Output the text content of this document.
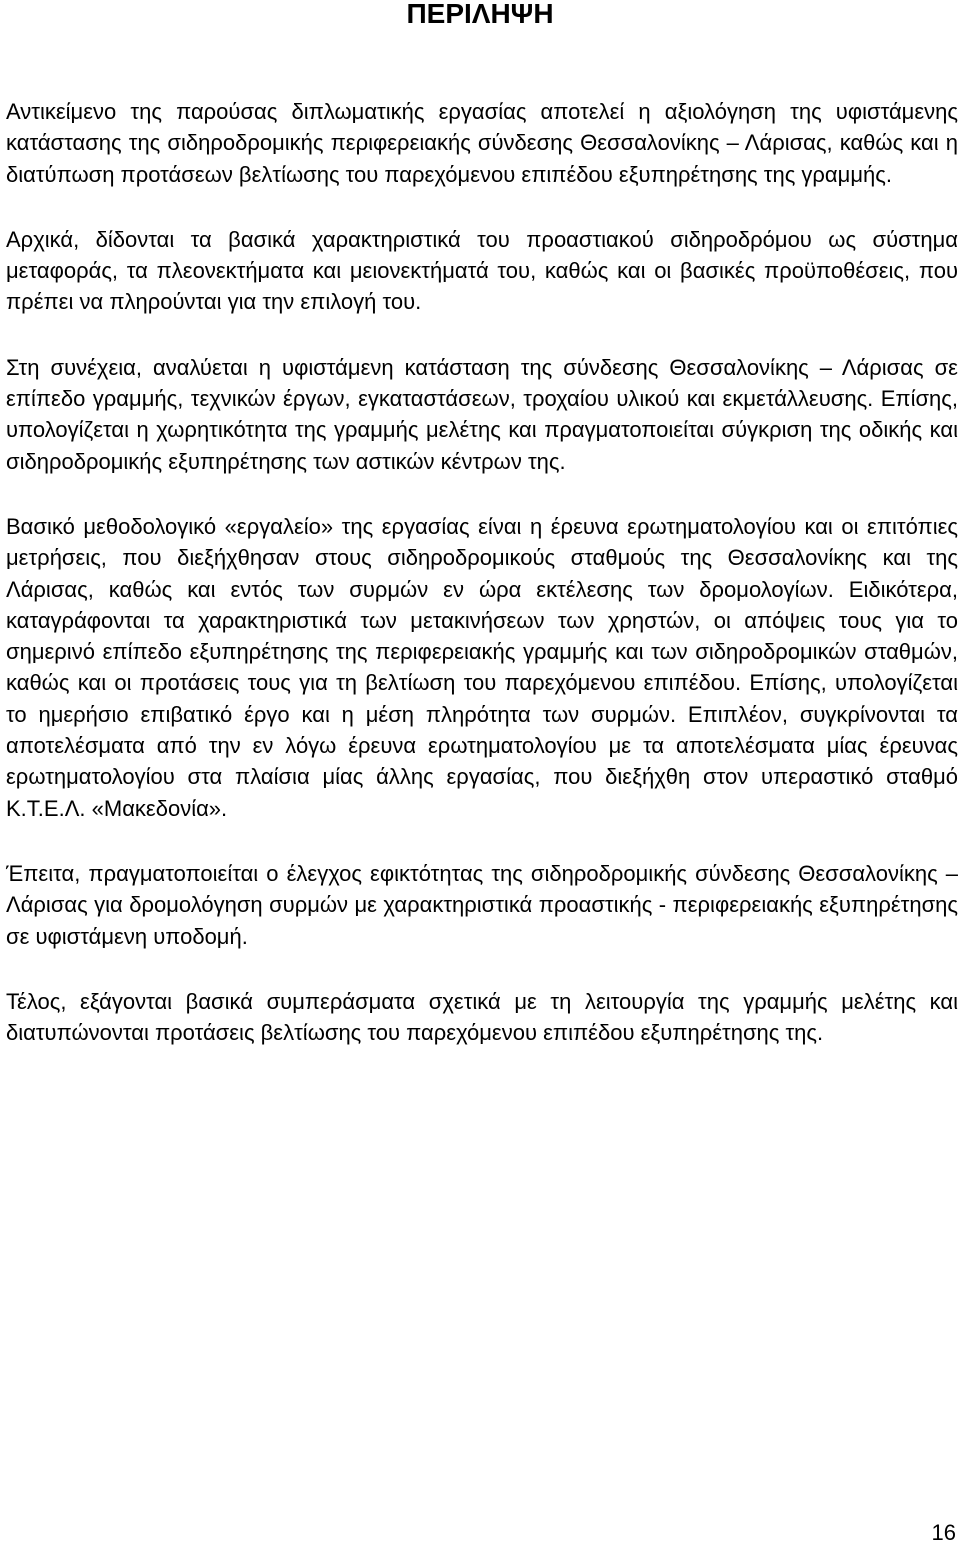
ΠΕΡΙΛΗΨΗ

Αντικείμενο της παρούσας διπλωματικής εργασίας αποτελεί η αξιολόγηση της υφιστάμενης κατάστασης της σιδηροδρομικής περιφερειακής σύνδεσης Θεσσαλονίκης – Λάρισας, καθώς και η διατύπωση προτάσεων βελτίωσης του παρεχόμενου επιπέδου εξυπηρέτησης της γραμμής.

Αρχικά, δίδονται τα βασικά χαρακτηριστικά του προαστιακού σιδηροδρόμου ως σύστημα μεταφοράς, τα πλεονεκτήματα και μειονεκτήματά του, καθώς και οι βασικές προϋποθέσεις, που πρέπει να πληρούνται για την επιλογή του.

Στη συνέχεια, αναλύεται η υφιστάμενη κατάσταση της σύνδεσης Θεσσαλονίκης – Λάρισας σε επίπεδο γραμμής, τεχνικών έργων, εγκαταστάσεων, τροχαίου υλικού και εκμετάλλευσης. Επίσης, υπολογίζεται η χωρητικότητα της γραμμής μελέτης και πραγματοποιείται σύγκριση της οδικής και σιδηροδρομικής εξυπηρέτησης των αστικών κέντρων της.

Βασικό μεθοδολογικό «εργαλείο» της εργασίας είναι η έρευνα ερωτηματολογίου και οι επιτόπιες μετρήσεις, που διεξήχθησαν στους σιδηροδρομικούς σταθμούς της Θεσσαλονίκης και της Λάρισας, καθώς και εντός των συρμών εν ώρα εκτέλεσης των δρομολογίων. Ειδικότερα, καταγράφονται τα χαρακτηριστικά των μετακινήσεων των χρηστών, οι απόψεις τους για το σημερινό επίπεδο εξυπηρέτησης της περιφερειακής γραμμής και των σιδηροδρομικών σταθμών, καθώς και οι προτάσεις τους για τη βελτίωση του παρεχόμενου επιπέδου. Επίσης, υπολογίζεται το ημερήσιο επιβατικό έργο και η μέση πληρότητα των συρμών. Επιπλέον, συγκρίνονται τα αποτελέσματα από την εν λόγω έρευνα ερωτηματολογίου με τα αποτελέσματα μίας έρευνας ερωτηματολογίου στα πλαίσια μίας άλλης εργασίας, που διεξήχθη στον υπεραστικό σταθμό Κ.Τ.Ε.Λ. «Μακεδονία».

Έπειτα, πραγματοποιείται ο έλεγχος εφικτότητας της σιδηροδρομικής σύνδεσης Θεσσαλονίκης – Λάρισας για δρομολόγηση συρμών με χαρακτηριστικά προαστικής - περιφερειακής εξυπηρέτησης σε υφιστάμενη υποδομή.

Τέλος, εξάγονται βασικά συμπεράσματα σχετικά με τη λειτουργία της γραμμής μελέτης και διατυπώνονται προτάσεις βελτίωσης του παρεχόμενου επιπέδου εξυπηρέτησης της.

16
